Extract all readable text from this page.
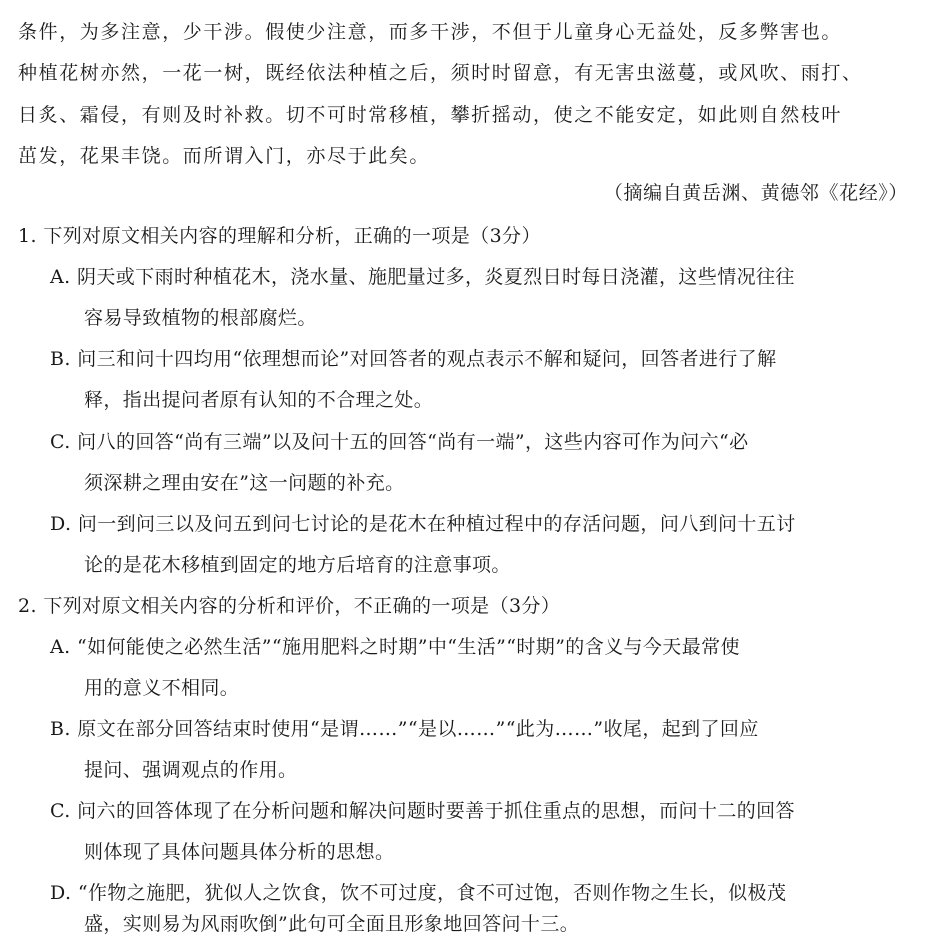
条件，为多注意，少干涉。假使少注意，而多干涉，不但于儿童身心无益处，反多弊害也。
种植花树亦然，一花一树，既经依法种植之后，须时时留意，有无害虫滋蔓，或风吹、雨打、
日炙、霜侵，有则及时补救。切不可时常移植，攀折摇动，使之不能安定，如此则自然枝叶
茁发，花果丰饶。而所谓入门，亦尽于此矣。
（摘编自黄岳渊、黄德邻《花经》）
1. 下列对原文相关内容的理解和分析，正确的一项是（3分）
A. 阴天或下雨时种植花木，浇水量、施肥量过多，炎夏烈日时每日浇灌，这些情况往往
容易导致植物的根部腐烂。
B. 问三和问十四均用“依理想而论”对回答者的观点表示不解和疑问，回答者进行了解
释，指出提问者原有认知的不合理之处。
C. 问八的回答“尚有三端”以及问十五的回答“尚有一端”，这些内容可作为问六“必
须深耕之理由安在”这一问题的补充。
D. 问一到问三以及问五到问七讨论的是花木在种植过程中的存活问题，问八到问十五讨
论的是花木移植到固定的地方后培育的注意事项。
2. 下列对原文相关内容的分析和评价，不正确的一项是（3分）
A. “如何能使之必然生活”“施用肥料之时期”中“生活”“时期”的含义与今天最常使
用的意义不相同。
B. 原文在部分回答结束时使用“是谓……”“是以……”“此为……”收尾，起到了回应
提问、强调观点的作用。
C. 问六的回答体现了在分析问题和解决问题时要善于抓住重点的思想，而问十二的回答
则体现了具体问题具体分析的思想。
D. “作物之施肥，犹似人之饮食，饮不可过度，食不可过饱，否则作物之生长，似极茂
盛，实则易为风雨吹倒”此句可全面且形象地回答问十三。
